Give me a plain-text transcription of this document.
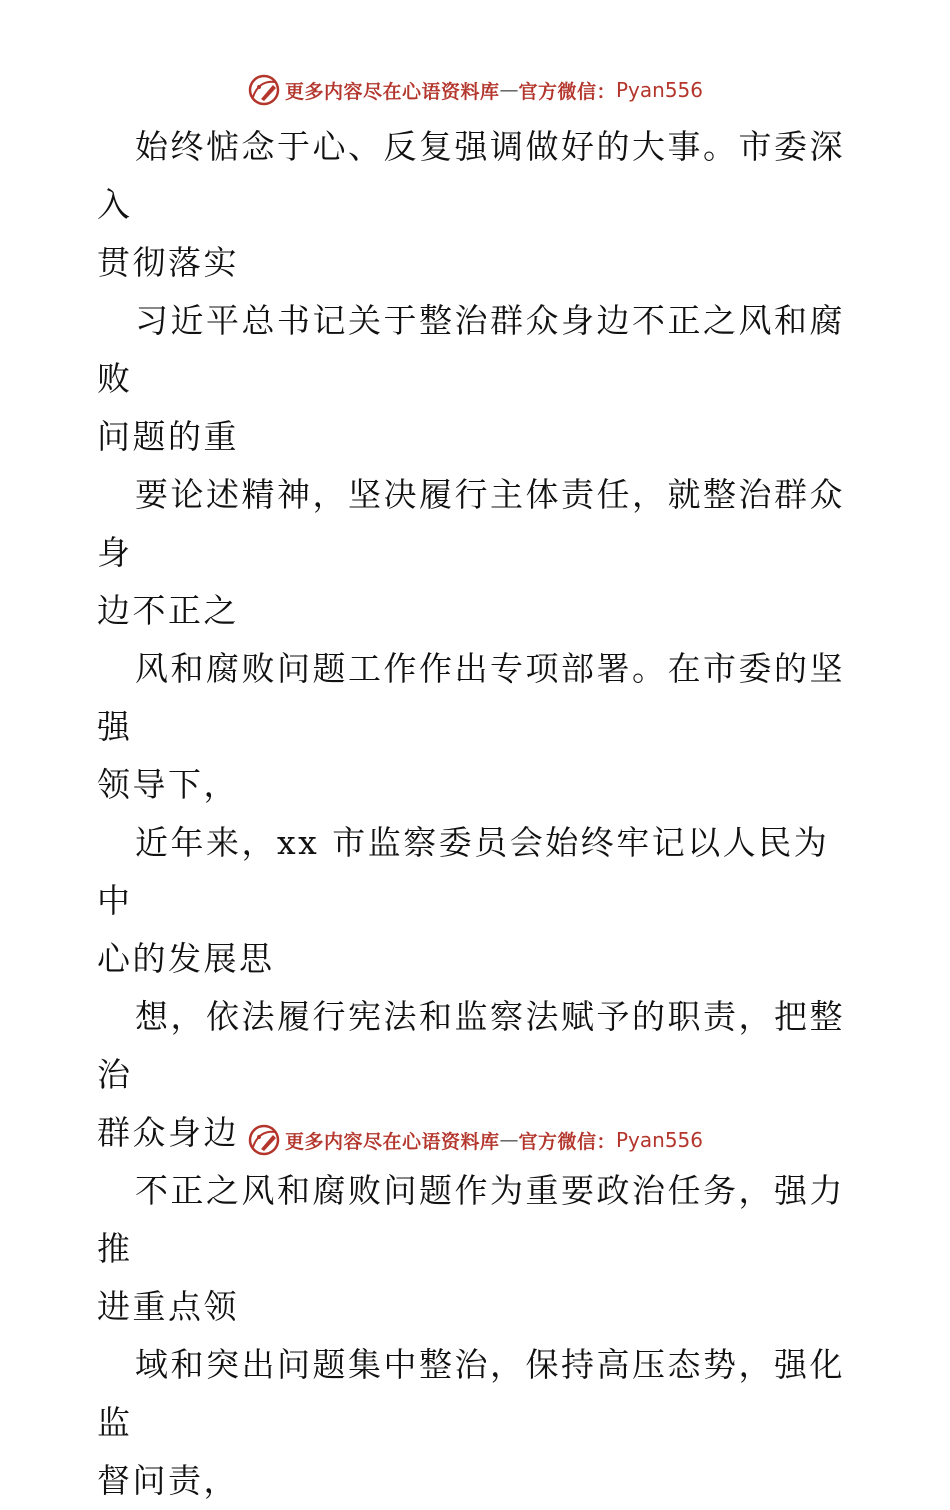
更多内容尽在心语资料库 — 官方微信： Pyan556

始终惦念于心、反复强调做好的大事。市委深入
贯彻落实

习近平总书记关于整治群众身边不正之风和腐败
问题的重

要论述精神，坚决履行主体责任，就整治群众身
边不正之

风和腐败问题工作作出专项部署。在市委的坚强
领导下，

近年来，xx 市监察委员会始终牢记以人民为中
心的发展思

想，依法履行宪法和监察法赋予的职责，把整治
群众身边

不正之风和腐败问题作为重要政治任务，强力推
进重点领

域和突出问题集中整治，保持高压态势，强化监
督问责，

更多内容尽在心语资料库 — 官方微信： Pyan556
